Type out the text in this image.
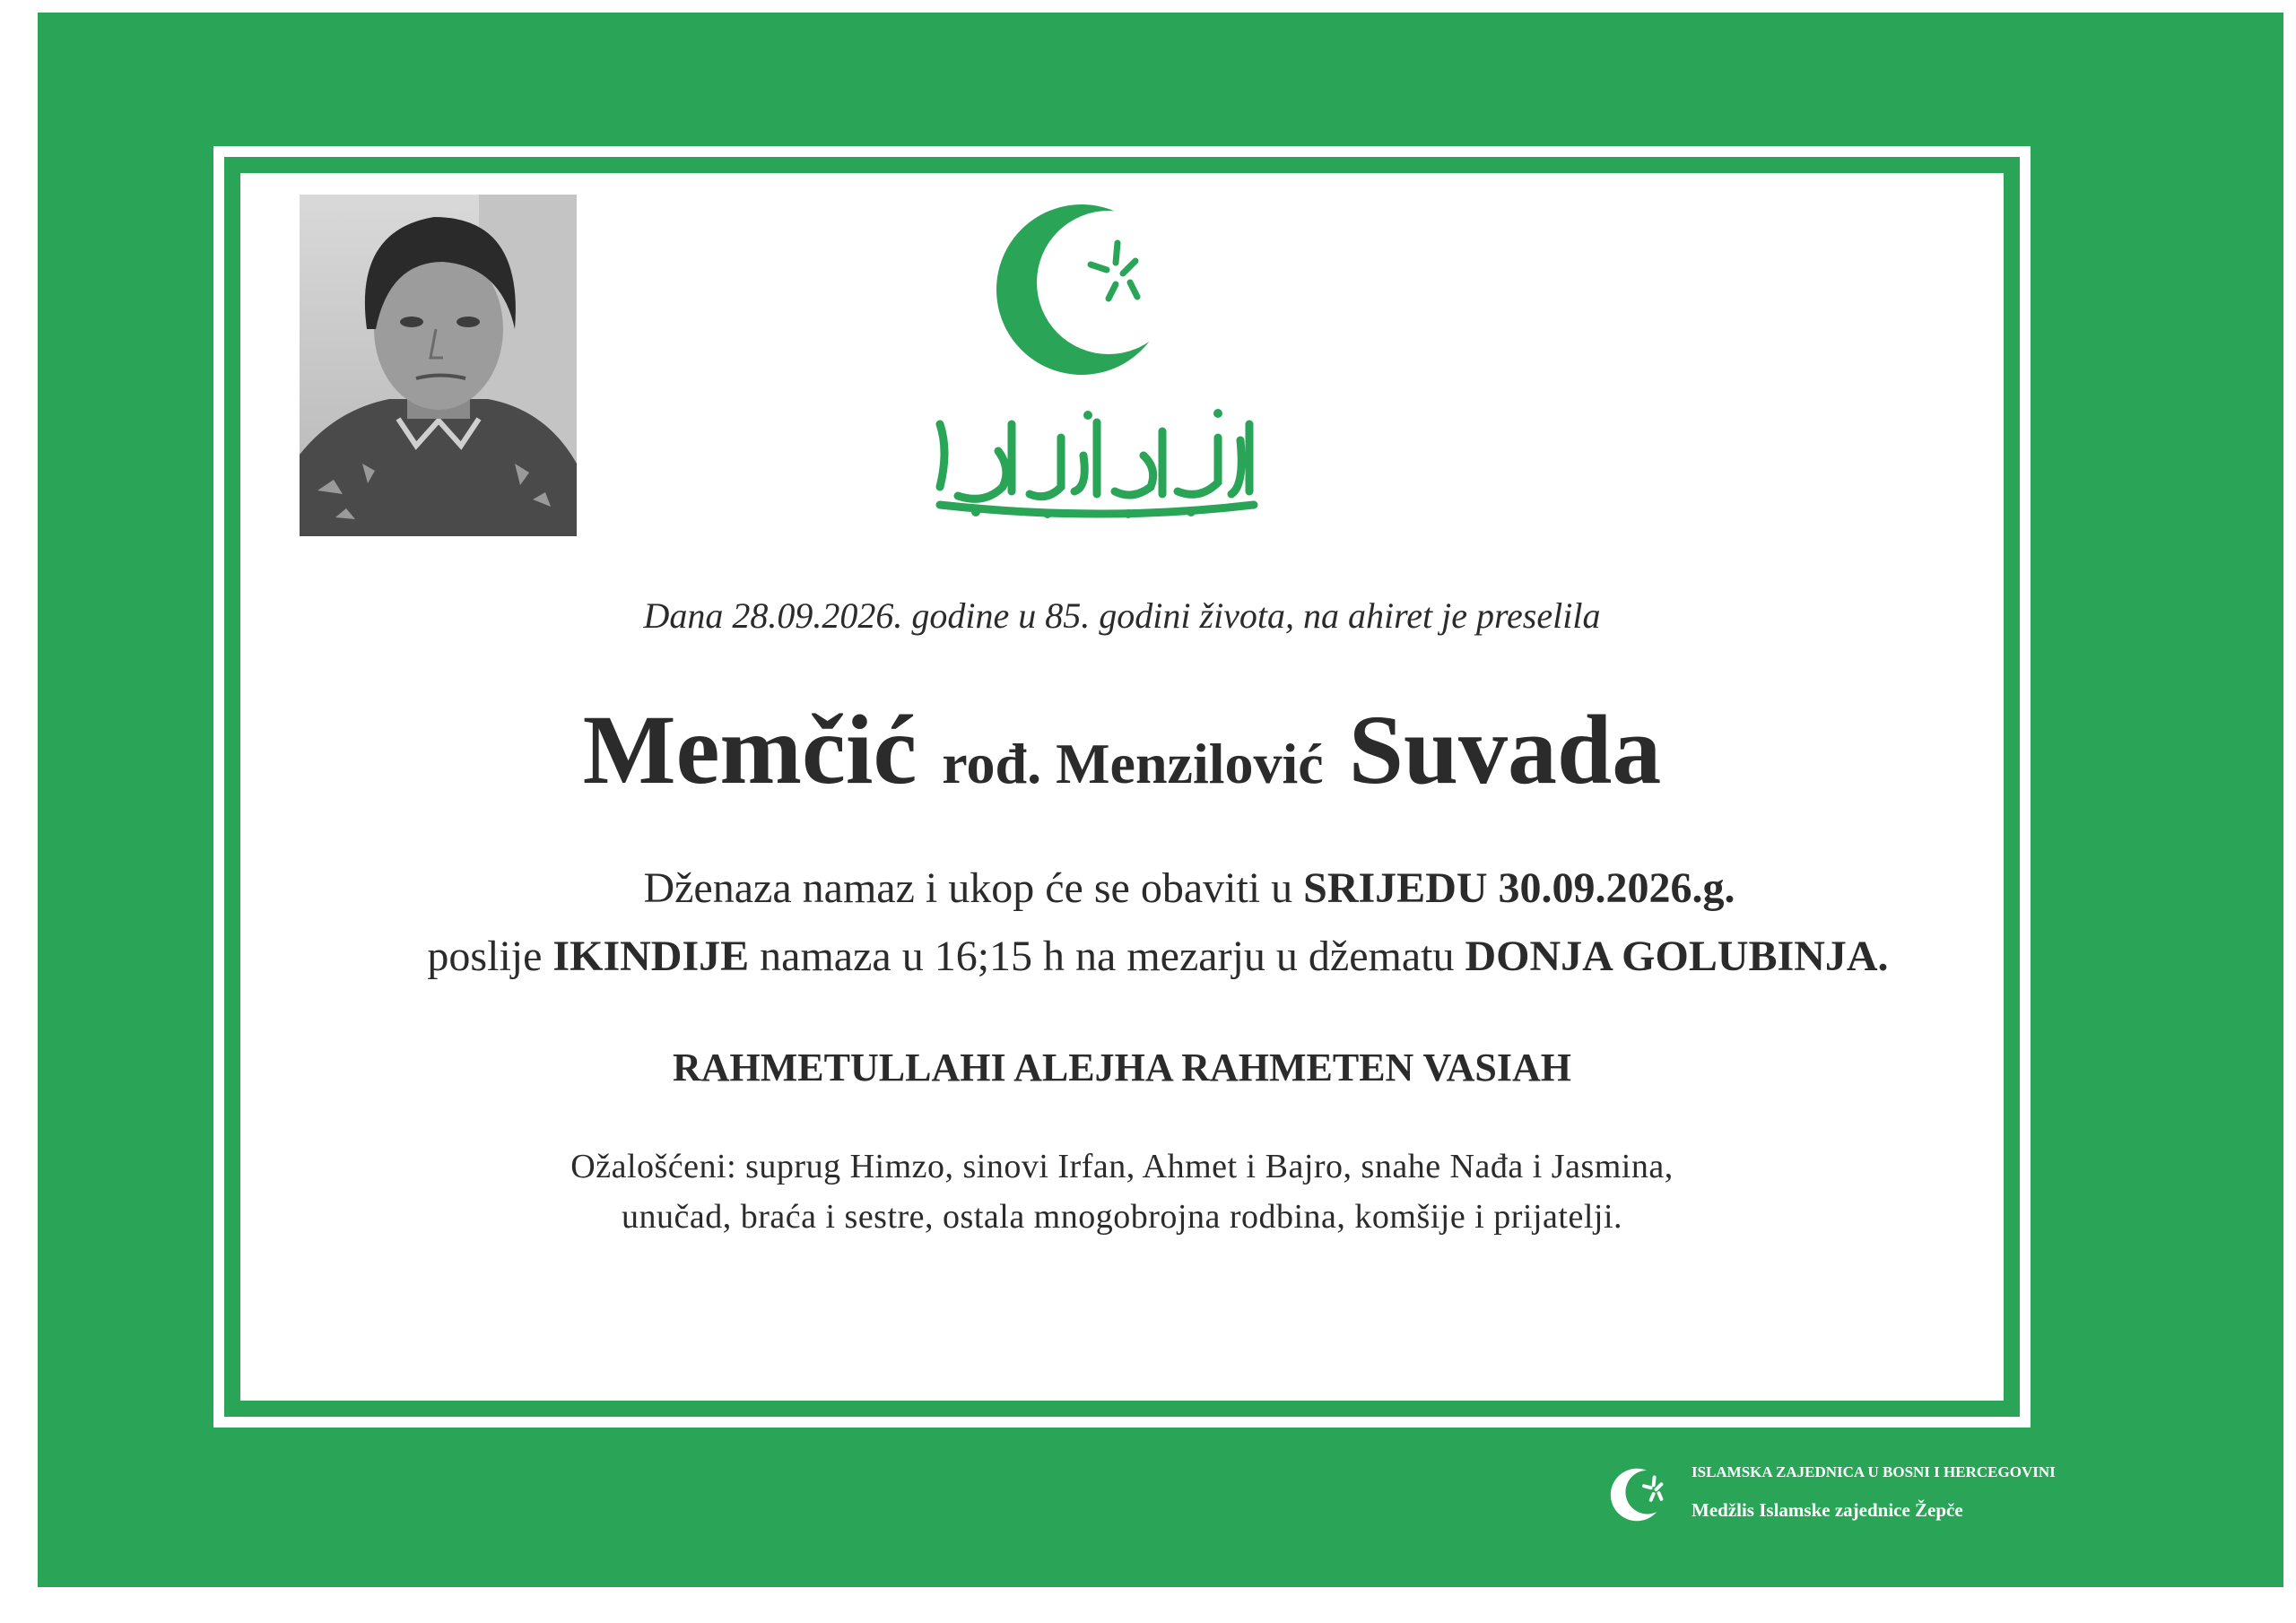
Dana 28.09.2026. godine u 85. godini života, na ahiret je preselila
Memčić rođ. Menzilović Suvada
Dženaza namaz i ukop će se obaviti u SRIJEDU 30.09.2026.g.
poslije IKINDIJE namaza u 16;15 h na mezarju u džematu DONJA GOLUBINJA.
RAHMETULLAHI ALEJHA RAHMETEN VASIAH
Ožalošćeni: suprug Himzo, sinovi Irfan, Ahmet i Bajro, snahe Nađa i Jasmina,
unučad, braća i sestre, ostala mnogobrojna rodbina, komšije i prijatelji.
ISLAMSKA ZAJEDNICA U BOSNI I HERCEGOVINI
Medžlis Islamske zajednice Žepče
